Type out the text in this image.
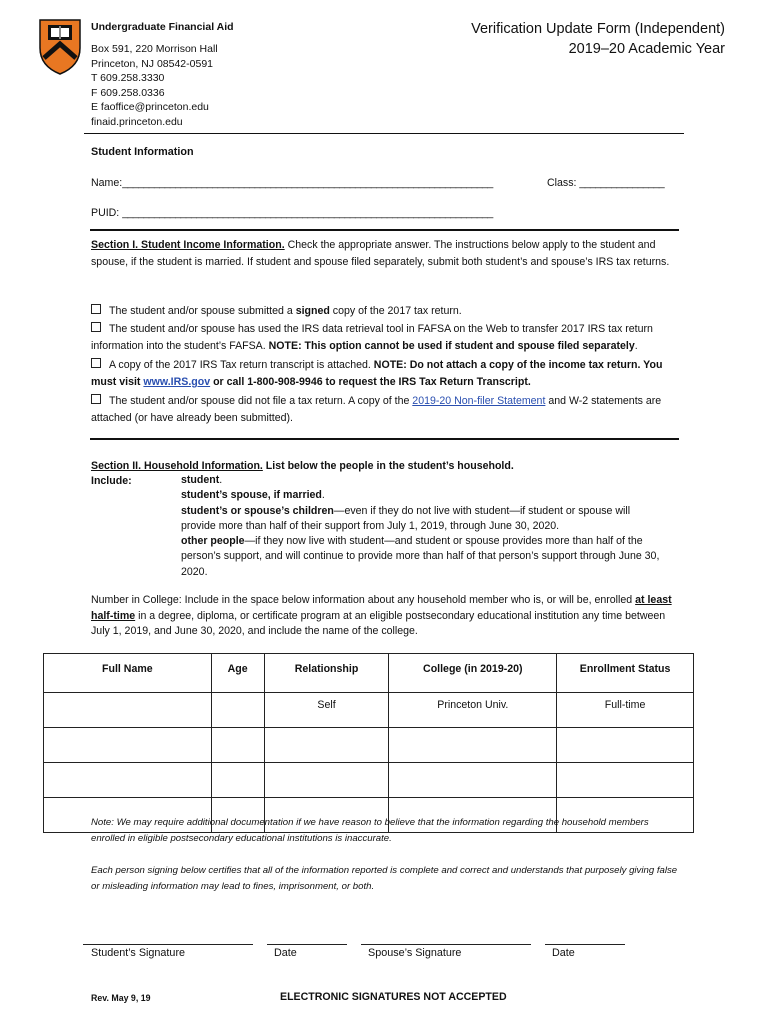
Undergraduate Financial Aid
Box 591, 220 Morrison Hall
Princeton, NJ 08542-0591
T 609.258.3330
F 609.258.0336
E faoffice@princeton.edu
finaid.princeton.edu
Verification Update Form (Independent)
2019–20 Academic Year
Student Information
Name:______________________________________________________________________	Class: ________________
PUID: ______________________________________________________________________
Section I. Student Income Information. Check the appropriate answer. The instructions below apply to the student and spouse, if the student is married. If student and spouse filed separately, submit both student’s and spouse’s IRS tax returns.
The student and/or spouse submitted a signed copy of the 2017 tax return.
The student and/or spouse has used the IRS data retrieval tool in FAFSA on the Web to transfer 2017 IRS tax return information into the student’s FAFSA. NOTE: This option cannot be used if student and spouse filed separately.
A copy of the 2017 IRS Tax return transcript is attached. NOTE: Do not attach a copy of the income tax return. You must visit www.IRS.gov or call 1-800-908-9946 to request the IRS Tax Return Transcript.
The student and/or spouse did not file a tax return. A copy of the 2019-20 Non-filer Statement and W-2 statements are attached (or have already been submitted).
Section II. Household Information. List below the people in the student’s household.
Include:	student.
student’s spouse, if married.
student’s or spouse’s children—even if they do not live with student—if student or spouse will provide more than half of their support from July 1, 2019, through June 30, 2020.
other people—if they now live with student—and student or spouse provides more than half of the person’s support, and will continue to provide more than half of that person’s support through June 30, 2020.
Number in College: Include in the space below information about any household member who is, or will be, enrolled at least half-time in a degree, diploma, or certificate program at an eligible postsecondary educational institution any time between July 1, 2019, and June 30, 2020, and include the name of the college.
Full Name	Age	Relationship	College (in 2019-20)	Enrollment Status
		Self	Princeton Univ.	Full-time

Note: We may require additional documentation if we have reason to believe that the information regarding the household members enrolled in eligible postsecondary educational institutions is inaccurate.
Each person signing below certifies that all of the information reported is complete and correct and understands that purposely giving false or misleading information may lead to fines, imprisonment, or both.
Student’s Signature	Date	Spouse’s Signature	Date
Rev. May 9, 19	ELECTRONIC SIGNATURES NOT ACCEPTED
